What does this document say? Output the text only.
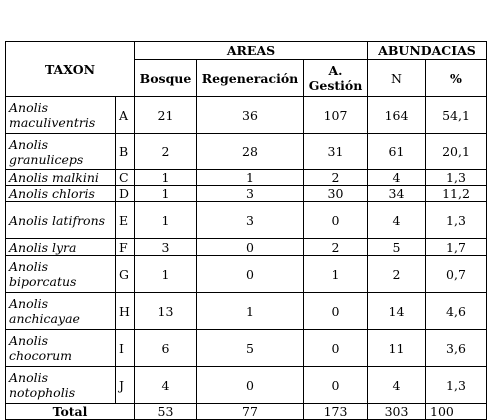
TAXON		AREAS			ABUNDACIAS	
		Bosque	Regeneración	A. Gestión	N	%
Anolis maculiventris	A	21	36	107	164	54,1
Anolis granuliceps	B	2	28	31	61	20,1
Anolis malkini	C	1	1	2	4	1,3
Anolis chloris	D	1	3	30	34	11,2
Anolis latifrons	E	1	3	0	4	1,3
Anolis lyra	F	3	0	2	5	1,7
Anolis biporcatus	G	1	0	1	2	0,7
Anolis anchicayae	H	13	1	0	14	4,6
Anolis chocorum	I	6	5	0	11	3,6
Anolis notopholis	J	4	0	0	4	1,3
Total		53	77	173	303	100
